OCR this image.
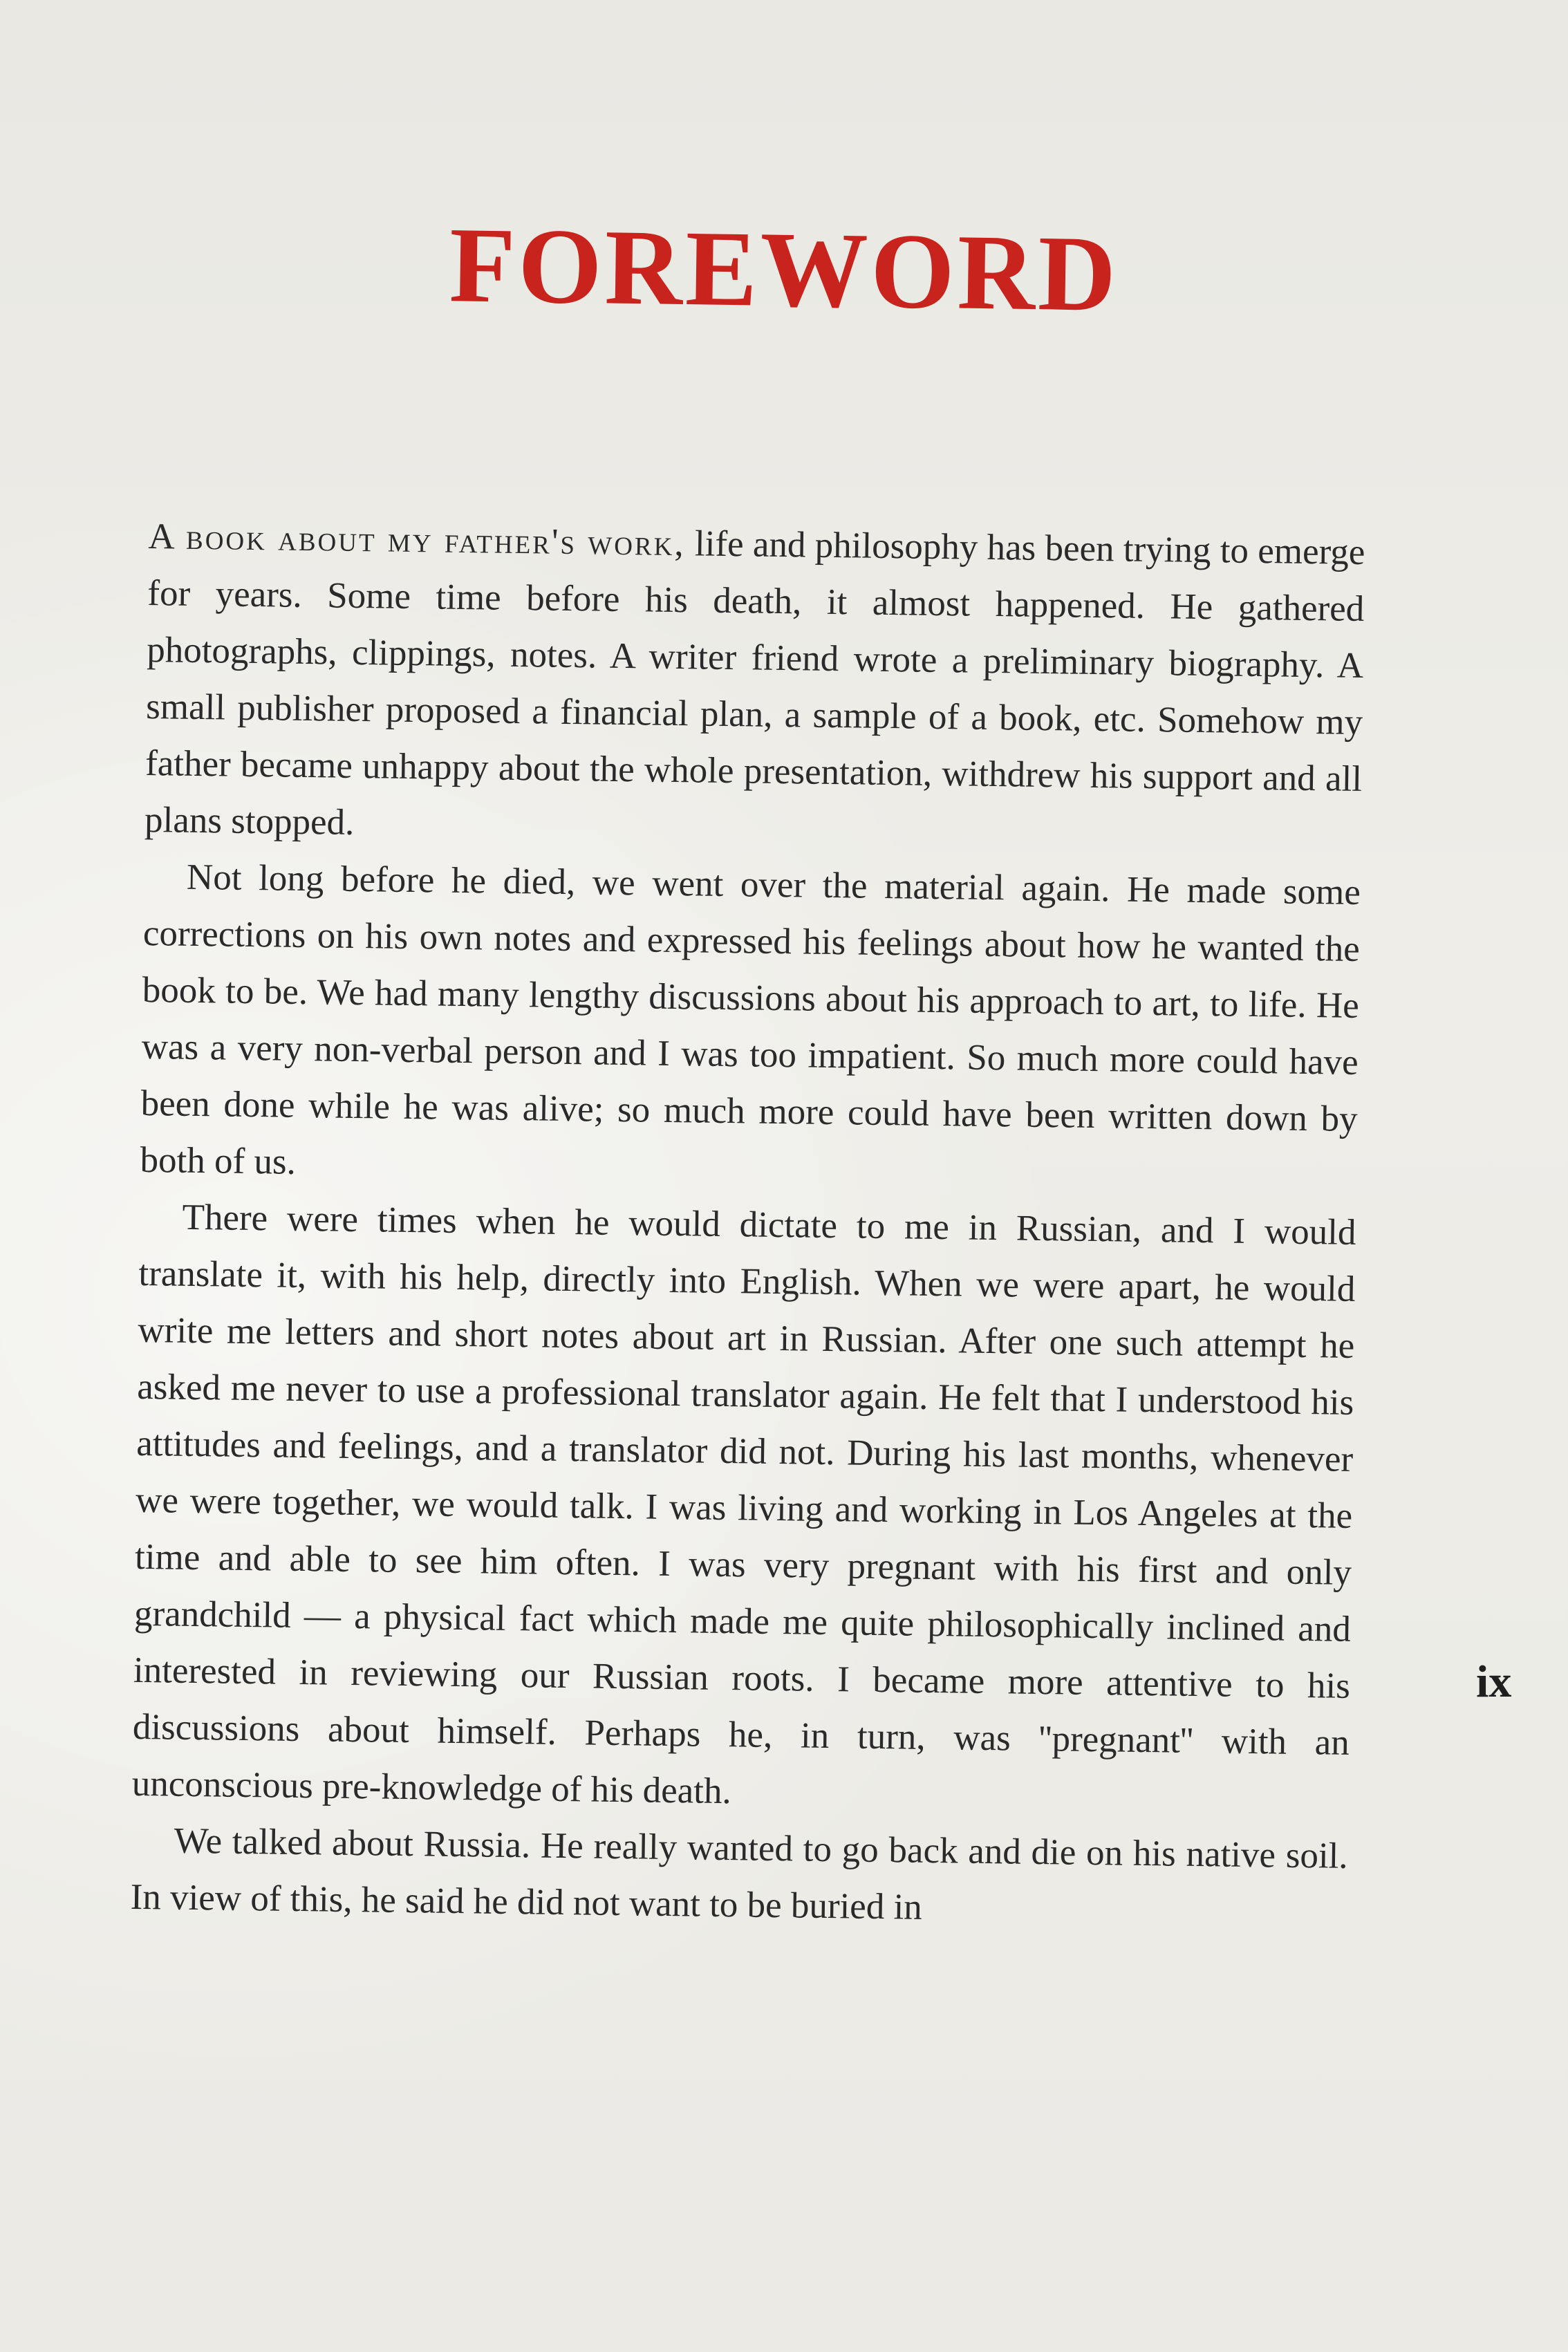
FOREWORD

A book about my father's work, life and philosophy has been trying to emerge for years. Some time before his death, it almost happened. He gathered photographs, clippings, notes. A writer friend wrote a preliminary biography. A small publisher proposed a financial plan, a sample of a book, etc. Somehow my father became unhappy about the whole presentation, withdrew his support and all plans stopped.

Not long before he died, we went over the material again. He made some corrections on his own notes and expressed his feelings about how he wanted the book to be. We had many lengthy discussions about his approach to art, to life. He was a very non-verbal person and I was too impatient. So much more could have been done while he was alive; so much more could have been written down by both of us.

There were times when he would dictate to me in Russian, and I would translate it, with his help, directly into English. When we were apart, he would write me letters and short notes about art in Russian. After one such attempt he asked me never to use a professional translator again. He felt that I understood his attitudes and feelings, and a translator did not. During his last months, whenever we were together, we would talk. I was living and working in Los Angeles at the time and able to see him often. I was very pregnant with his first and only grandchild — a physical fact which made me quite philosophically inclined and interested in reviewing our Russian roots. I became more attentive to his discussions about himself. Perhaps he, in turn, was ''pregnant'' with an unconscious pre-knowledge of his death.

We talked about Russia. He really wanted to go back and die on his native soil. In view of this, he said he did not want to be buried in

ix
